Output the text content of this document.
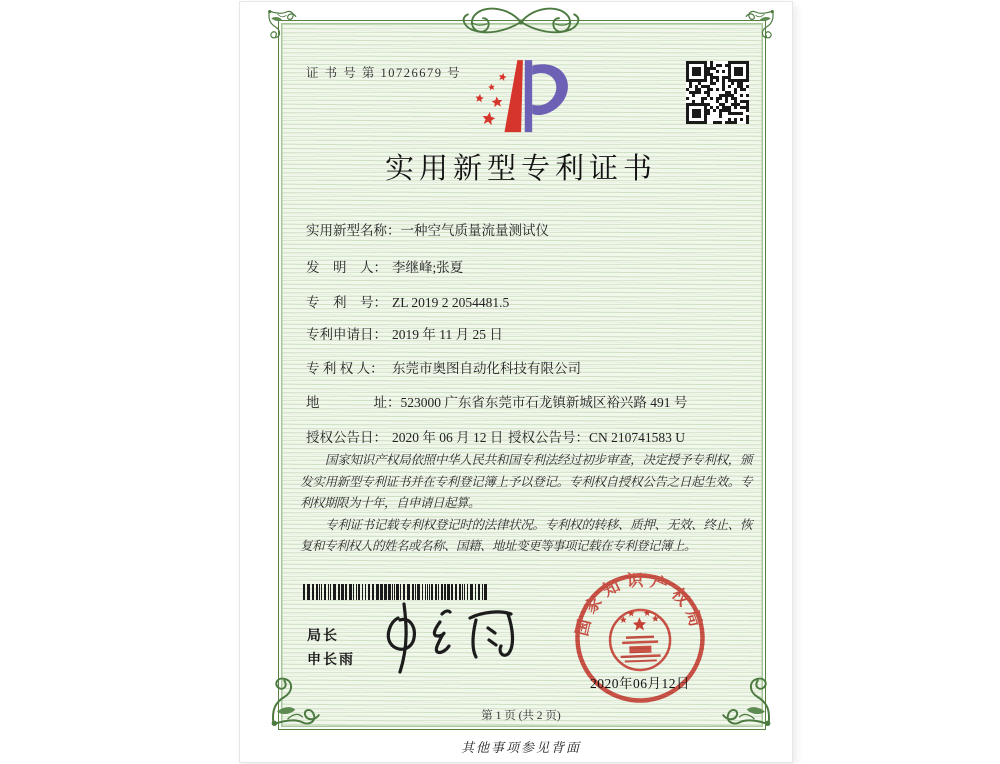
证 书 号 第 10726679 号
实用新型专利证书
实用新型名称：一种空气质量流量测试仪
发　明　人： 李继峰;张夏
专　利　号： ZL 2019 2 2054481.5
专利申请日： 2019 年 11 月 25 日
专 利 权 人： 东莞市奥图自动化科技有限公司
地　　　　址：523000 广东省东莞市石龙镇新城区裕兴路 491 号
授权公告日： 2020 年 06 月 12 日 授权公告号：CN 210741583 U

国家知识产权局依照中华人民共和国专利法经过初步审查，决定授予专利权，颁发实用新型专利证书并在专利登记簿上予以登记。专利权自授权公告之日起生效。专利权期限为十年，自申请日起算。

专利证书记载专利权登记时的法律状况。专利权的转移、质押、无效、终止、恢复和专利权人的姓名或名称、国籍、地址变更等事项记载在专利登记簿上。

局长
申长雨
国家知识产权局
2020年06月12日
第 1 页 (共 2 页)
其他事项参见背面
